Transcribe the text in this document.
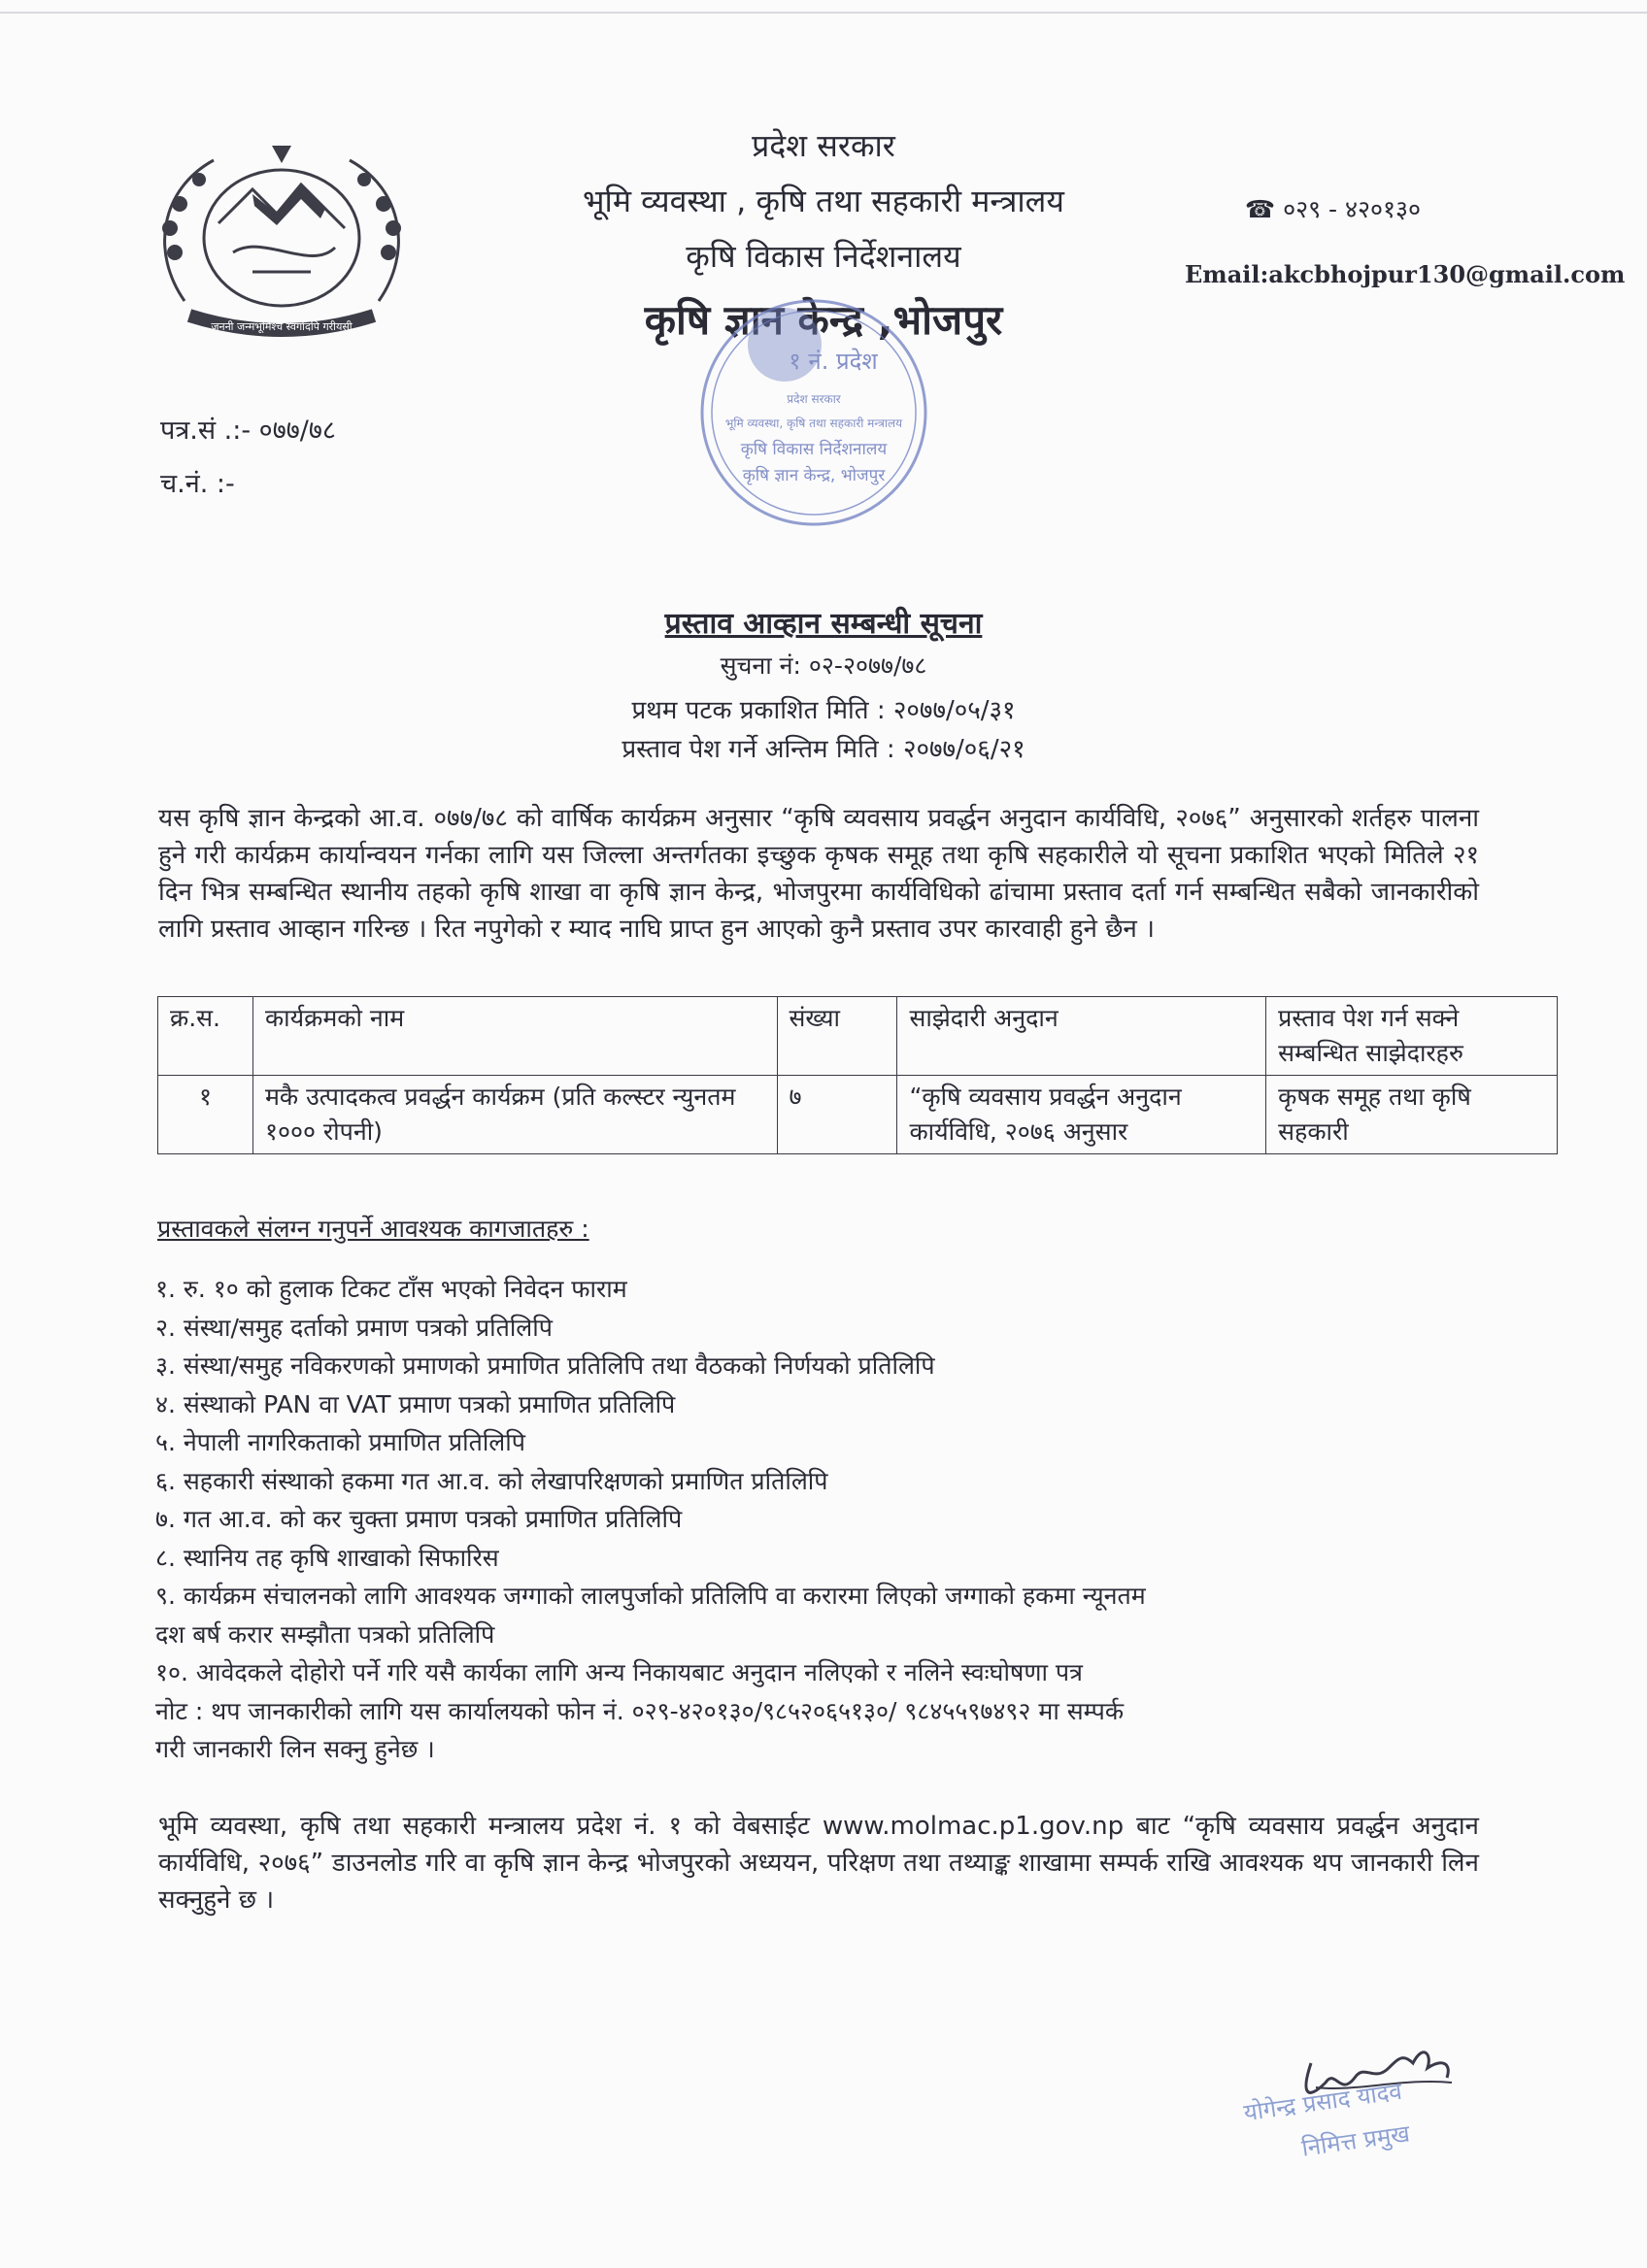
जननी जन्मभूमिश्च स्वर्गादपि गरीयसी
प्रदेश सरकार
भूमि व्यवस्था , कृषि तथा सहकारी मन्त्रालय
कृषि विकास निर्देशनालय
कृषि ज्ञान केन्द्र ,भोजपुर
☎ ०२९ - ४२०१३०
Email:akcbhojpur130@gmail.com
पत्र.सं .:- ०७७/७८
च.नं. :-
१ नं. प्रदेश
प्रदेश सरकार
भूमि व्यवस्था, कृषि तथा सहकारी मन्त्रालय
कृषि विकास निर्देशनालय
कृषि ज्ञान केन्द्र, भोजपुर
प्रस्ताव आव्हान सम्बन्धी सूचना
सुचना नं: ०२-२०७७/७८
प्रथम पटक प्रकाशित मिति : २०७७/०५/३१
प्रस्ताव पेश गर्ने अन्तिम मिति : २०७७/०६/२१
यस कृषि ज्ञान केन्द्रको आ.व. ०७७/७८ को वार्षिक कार्यक्रम अनुसार “कृषि व्यवसाय प्रवर्द्धन अनुदान कार्यविधि, २०७६” अनुसारको शर्तहरु पालना हुने गरी कार्यक्रम कार्यान्वयन गर्नका लागि यस जिल्ला अन्तर्गतका इच्छुक कृषक समूह तथा कृषि सहकारीले यो सूचना प्रकाशित भएको मितिले २१ दिन भित्र सम्बन्धित स्थानीय तहको कृषि शाखा वा कृषि ज्ञान केन्द्र, भोजपुरमा कार्यविधिको ढांचामा प्रस्ताव दर्ता गर्न सम्बन्धित सबैको जानकारीको लागि प्रस्ताव आव्हान गरिन्छ । रित नपुगेको र म्याद नाघि प्राप्त हुन आएको कुनै प्रस्ताव उपर कारवाही हुने छैन ।
क्र.स.	कार्यक्रमको नाम	संख्या	साझेदारी अनुदान	प्रस्ताव पेश गर्न सक्ने सम्बन्धित साझेदारहरु
१	मकै उत्पादकत्व प्रवर्द्धन कार्यक्रम (प्रति कल्स्टर न्युनतम १००० रोपनी)	७	“कृषि व्यवसाय प्रवर्द्धन अनुदान कार्यविधि, २०७६ अनुसार	कृषक समूह तथा कृषि सहकारी
प्रस्तावकले संलग्न गनुपर्ने आवश्यक कागजातहरु :
१. रु. १० को हुलाक टिकट टाँस भएको निवेदन फाराम
२. संस्था/समुह दर्ताको प्रमाण पत्रको प्रतिलिपि
३. संस्था/समुह नविकरणको प्रमाणको प्रमाणित प्रतिलिपि तथा वैठकको निर्णयको प्रतिलिपि
४. संस्थाको PAN वा VAT प्रमाण पत्रको प्रमाणित प्रतिलिपि
५. नेपाली नागरिकताको प्रमाणित प्रतिलिपि
६. सहकारी संस्थाको हकमा गत आ.व. को लेखापरिक्षणको प्रमाणित प्रतिलिपि
७. गत आ.व. को कर चुक्ता प्रमाण पत्रको प्रमाणित प्रतिलिपि
८. स्थानिय तह कृषि शाखाको सिफारिस
९. कार्यक्रम संचालनको लागि आवश्यक जग्गाको लालपुर्जाको प्रतिलिपि वा करारमा लिएको जग्गाको हकमा न्यूनतम
दश बर्ष करार सम्झौता पत्रको प्रतिलिपि
१०. आवेदकले दोहोरो पर्ने गरि यसै कार्यका लागि अन्य निकायबाट अनुदान नलिएको र नलिने स्वःघोषणा पत्र
नोट : थप जानकारीको लागि यस कार्यालयको फोन नं. ०२९-४२०१३०/९८५२०६५१३०/ ९८४५५९७४९२ मा सम्पर्क
गरी जानकारी लिन सक्नु हुनेछ ।
भूमि व्यवस्था, कृषि तथा सहकारी मन्त्रालय प्रदेश नं. १ को वेबसाईट www.molmac.p1.gov.np बाट “कृषि व्यवसाय प्रवर्द्धन अनुदान कार्यविधि, २०७६” डाउनलोड गरि वा कृषि ज्ञान केन्द्र भोजपुरको अध्ययन, परिक्षण तथा तथ्याङ्क शाखामा सम्पर्क राखि आवश्यक थप जानकारी लिन सक्नुहुने छ ।
योगेन्द्र प्रसाद यादव
निमित्त प्रमुख
